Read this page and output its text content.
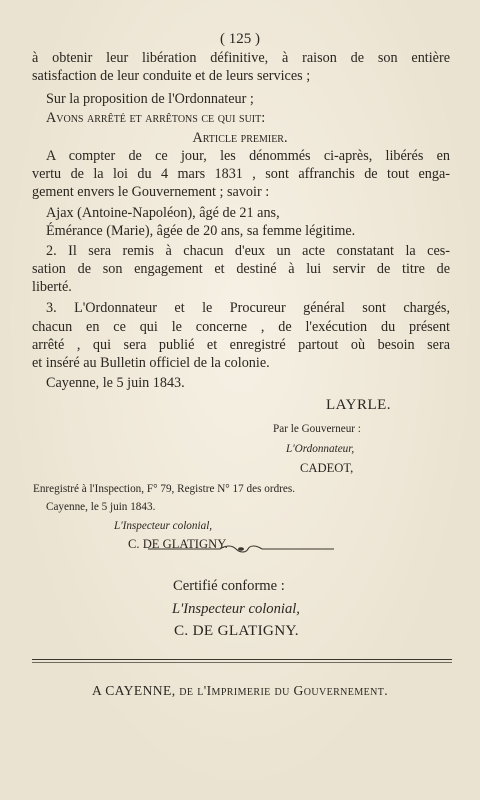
( 125 )
à obtenir leur libération définitive, à raison de son entière
satisfaction de leur conduite et de leurs services ;
Sur la proposition de l'Ordonnateur ;
Avons arrêté et arrêtons ce qui suit:
Article premier.
A compter de ce jour, les dénommés ci-après, libérés en
vertu de la loi du 4 mars 1831 , sont affranchis de tout enga-
gement envers le Gouvernement ; savoir :
Ajax (Antoine-Napoléon), âgé de 21 ans,
Émérance (Marie), âgée de 20 ans, sa femme légitime.
2. Il sera remis à chacun d'eux un acte constatant la ces-
sation de son engagement et destiné à lui servir de titre de
liberté.
3. L'Ordonnateur et le Procureur général sont chargés,
chacun en ce qui le concerne , de l'exécution du présent
arrêté , qui sera publié et enregistré partout où besoin sera
et inséré au Bulletin officiel de la colonie.
Cayenne, le 5 juin 1843.
LAYRLE.
Par le Gouverneur :
L'Ordonnateur,
CADEOT,
Enregistré à l'Inspection, F° 79, Registre N° 17 des ordres.
Cayenne, le 5 juin 1843.
L'Inspecteur colonial,
C. DE GLATIGNY.
Certifié conforme :
L'Inspecteur colonial,
C. DE GLATIGNY.
A CAYENNE, de l'Imprimerie du Gouvernement.
